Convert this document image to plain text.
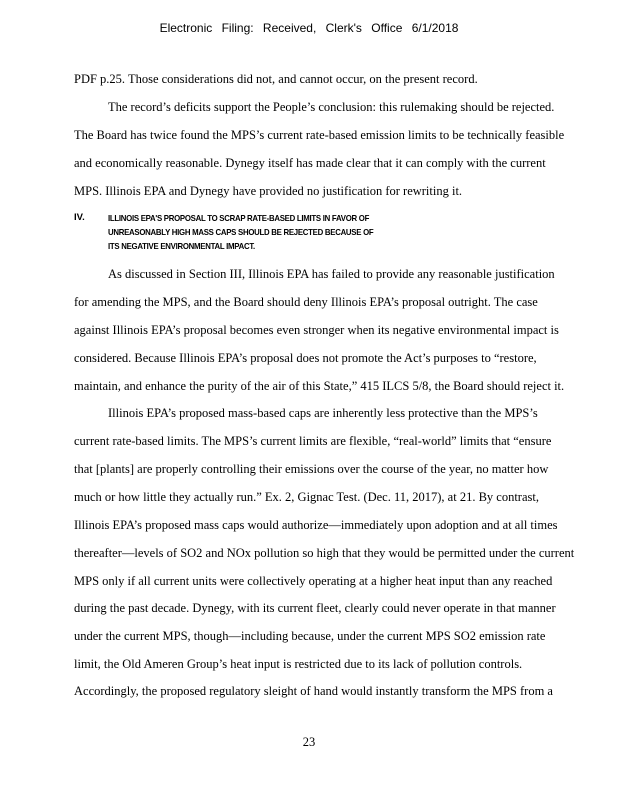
Electronic Filing: Received, Clerk's Office 6/1/2018
PDF p.25. Those considerations did not, and cannot occur, on the present record.
The record’s deficits support the People’s conclusion: this rulemaking should be rejected.
The Board has twice found the MPS’s current rate-based emission limits to be technically feasible
and economically reasonable. Dynegy itself has made clear that it can comply with the current
MPS. Illinois EPA and Dynegy have provided no justification for rewriting it.
IV.	ILLINOIS EPA'S PROPOSAL TO SCRAP RATE-BASED LIMITS IN FAVOR OF
UNREASONABLY HIGH MASS CAPS SHOULD BE REJECTED BECAUSE OF
ITS NEGATIVE ENVIRONMENTAL IMPACT.
As discussed in Section III, Illinois EPA has failed to provide any reasonable justification
for amending the MPS, and the Board should deny Illinois EPA’s proposal outright. The case
against Illinois EPA’s proposal becomes even stronger when its negative environmental impact is
considered. Because Illinois EPA’s proposal does not promote the Act’s purposes to “restore,
maintain, and enhance the purity of the air of this State,” 415 ILCS 5/8, the Board should reject it.
Illinois EPA’s proposed mass-based caps are inherently less protective than the MPS’s
current rate-based limits. The MPS’s current limits are flexible, “real-world” limits that “ensure
that [plants] are properly controlling their emissions over the course of the year, no matter how
much or how little they actually run.” Ex. 2, Gignac Test. (Dec. 11, 2017), at 21. By contrast,
Illinois EPA’s proposed mass caps would authorize—immediately upon adoption and at all times
thereafter—levels of SO2 and NOx pollution so high that they would be permitted under the current
MPS only if all current units were collectively operating at a higher heat input than any reached
during the past decade. Dynegy, with its current fleet, clearly could never operate in that manner
under the current MPS, though—including because, under the current MPS SO2 emission rate
limit, the Old Ameren Group’s heat input is restricted due to its lack of pollution controls.
Accordingly, the proposed regulatory sleight of hand would instantly transform the MPS from a
23
